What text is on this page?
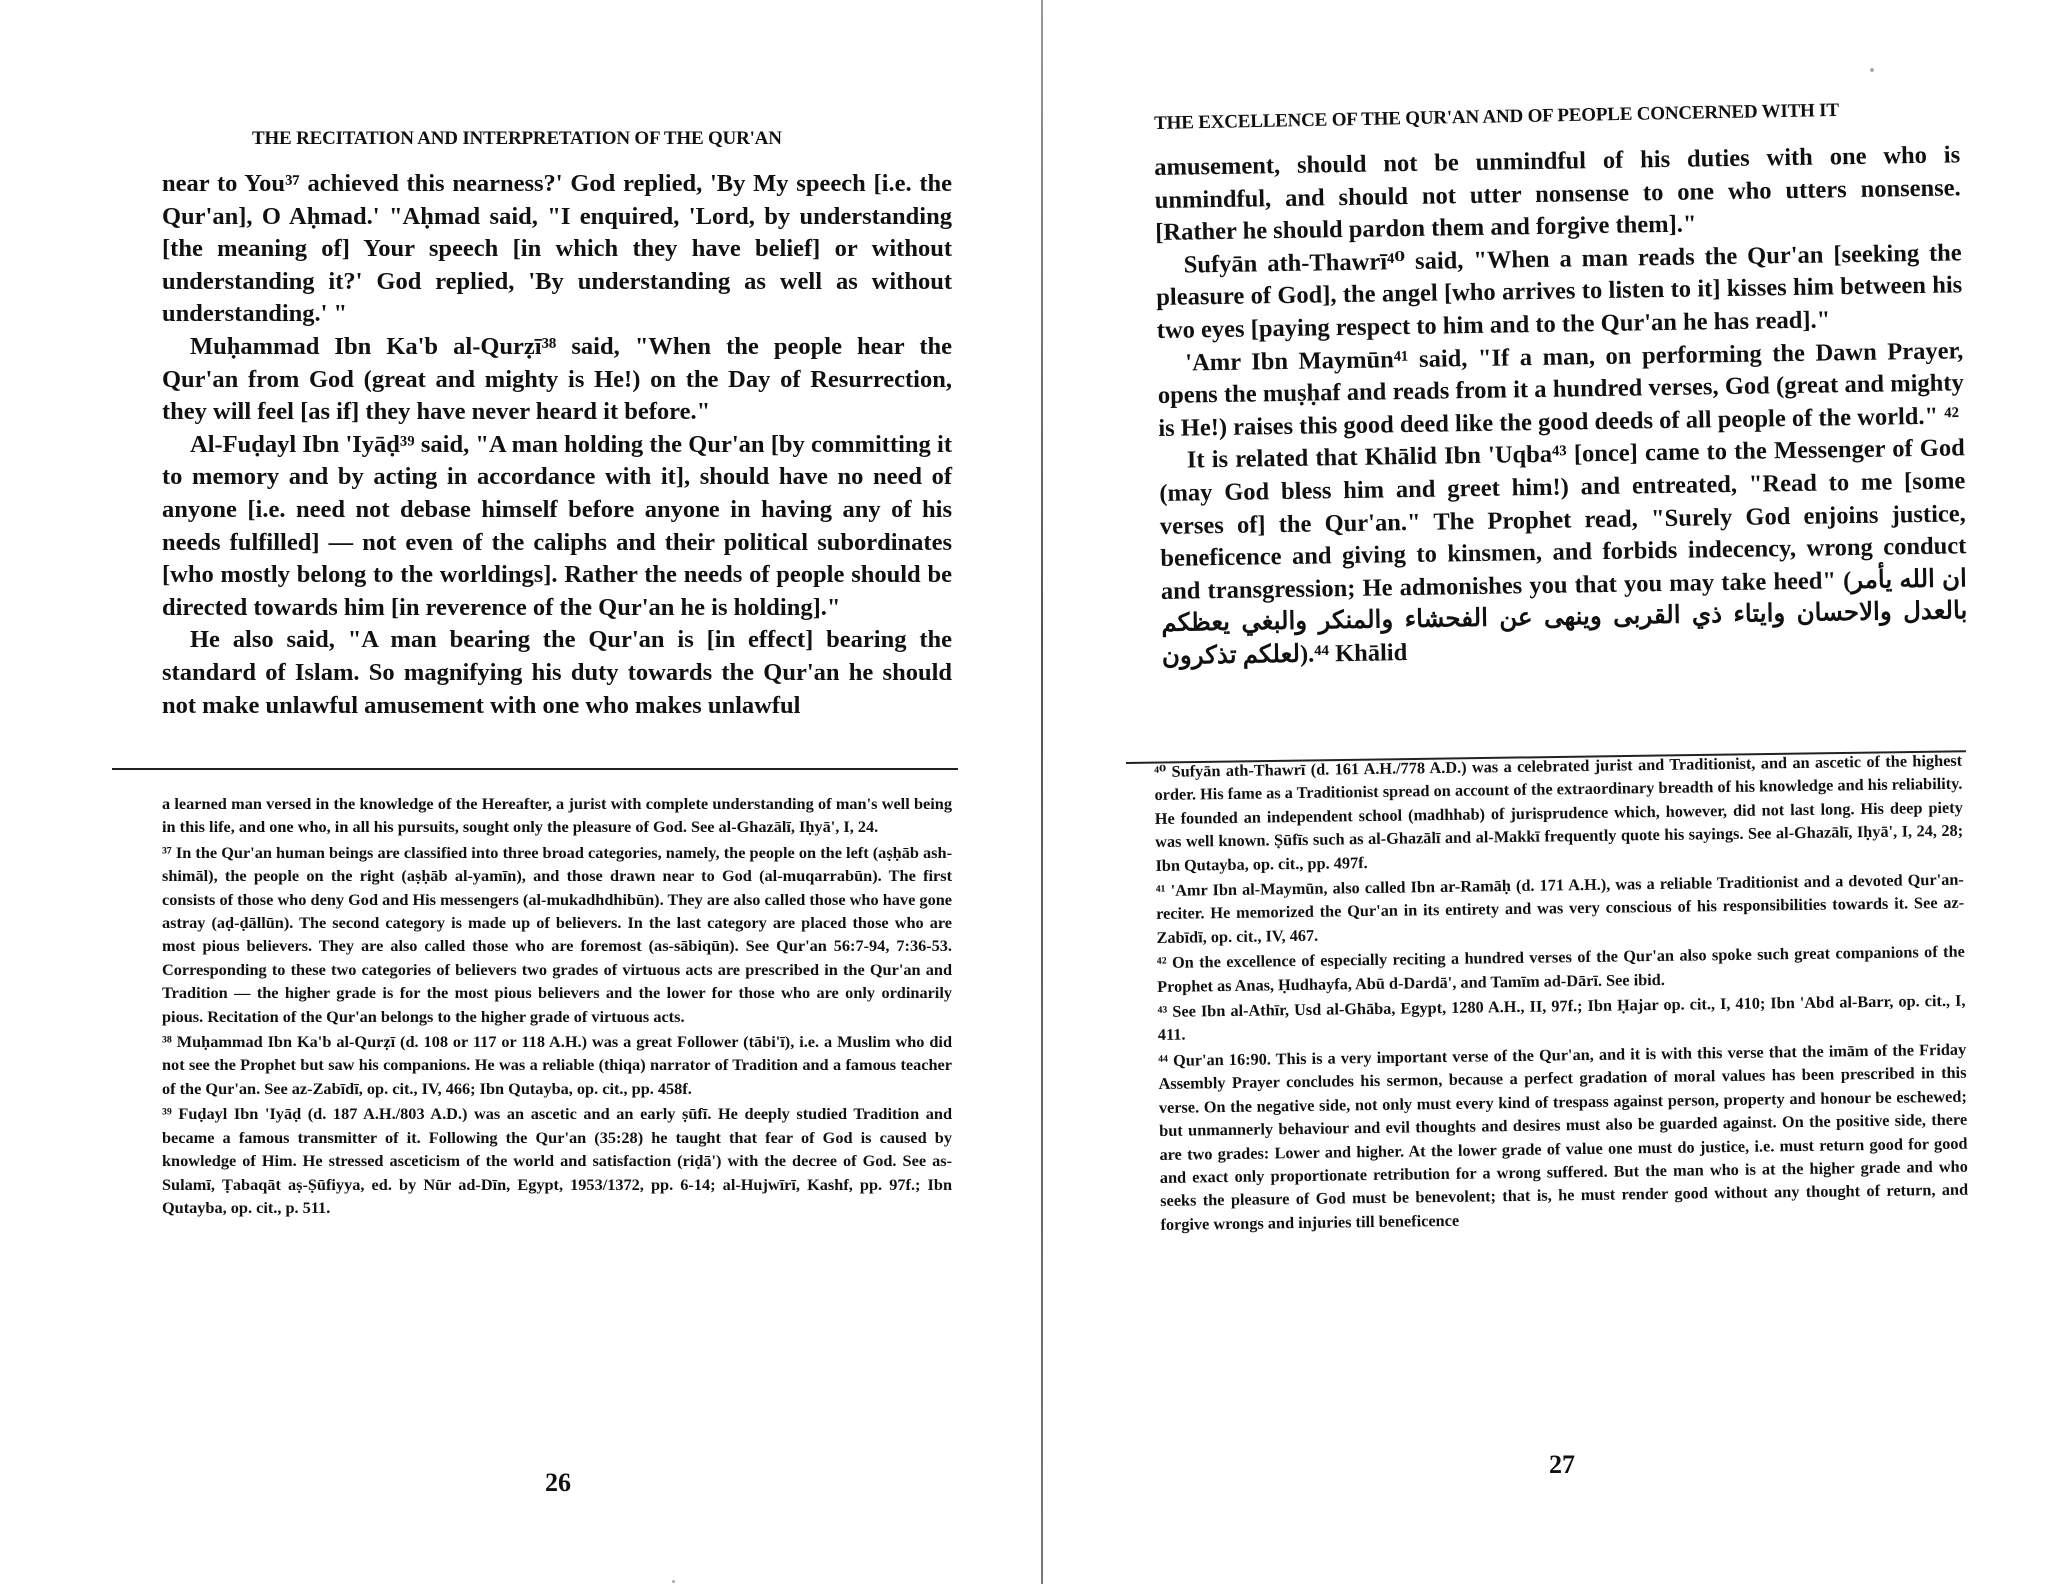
THE RECITATION AND INTERPRETATION OF THE QUR'AN

near to You³⁷ achieved this nearness?' God replied, 'By My speech [i.e. the Qur'an], O Aḥmad.' "Aḥmad said, "I enquired, 'Lord, by understanding [the meaning of] Your speech [in which they have belief] or without understanding it?' God replied, 'By understanding as well as without understanding.' "

Muḥammad Ibn Ka'b al-Qurẓī³⁸ said, "When the people hear the Qur'an from God (great and mighty is He!) on the Day of Resurrection, they will feel [as if] they have never heard it before."

Al-Fuḍayl Ibn 'Iyāḍ³⁹ said, "A man holding the Qur'an [by committing it to memory and by acting in accordance with it], should have no need of anyone [i.e. need not debase himself before anyone in having any of his needs fulfilled] — not even of the caliphs and their political subordinates [who mostly belong to the worldings]. Rather the needs of people should be directed towards him [in reverence of the Qur'an he is holding]."

He also said, "A man bearing the Qur'an is [in effect] bearing the standard of Islam. So magnifying his duty towards the Qur'an he should not make unlawful amusement with one who makes unlawful

a learned man versed in the knowledge of the Hereafter, a jurist with complete understanding of man's well being in this life, and one who, in all his pursuits, sought only the pleasure of God. See al-Ghazālī, Iḥyā', I, 24.

³⁷ In the Qur'an human beings are classified into three broad categories, namely, the people on the left (aṣḥāb ash-shimāl), the people on the right (aṣḥāb al-yamīn), and those drawn near to God (al-muqarrabūn). The first consists of those who deny God and His messengers (al-mukadhdhibūn). They are also called those who have gone astray (aḍ-ḍāllūn). The second category is made up of believers. In the last category are placed those who are most pious believers. They are also called those who are foremost (as-sābiqūn). See Qur'an 56:7-94, 7:36-53. Corresponding to these two categories of believers two grades of virtuous acts are prescribed in the Qur'an and Tradition — the higher grade is for the most pious believers and the lower for those who are only ordinarily pious. Recitation of the Qur'an belongs to the higher grade of virtuous acts.

³⁸ Muḥammad Ibn Ka'b al-Qurẓī (d. 108 or 117 or 118 A.H.) was a great Follower (tābi'ī), i.e. a Muslim who did not see the Prophet but saw his companions. He was a reliable (thiqa) narrator of Tradition and a famous teacher of the Qur'an. See az-Zabīdī, op. cit., IV, 466; Ibn Qutayba, op. cit., pp. 458f.

³⁹ Fuḍayl Ibn 'Iyāḍ (d. 187 A.H./803 A.D.) was an ascetic and an early ṣūfī. He deeply studied Tradition and became a famous transmitter of it. Following the Qur'an (35:28) he taught that fear of God is caused by knowledge of Him. He stressed asceticism of the world and satisfaction (riḍā') with the decree of God. See as-Sulamī, Ṭabaqāt aṣ-Ṣūfiyya, ed. by Nūr ad-Dīn, Egypt, 1953/1372, pp. 6-14; al-Hujwīrī, Kashf, pp. 97f.; Ibn Qutayba, op. cit., p. 511.

26
THE EXCELLENCE OF THE QUR'AN AND OF PEOPLE CONCERNED WITH IT

amusement, should not be unmindful of his duties with one who is unmindful, and should not utter nonsense to one who utters nonsense. [Rather he should pardon them and forgive them]."

Sufyān ath-Thawrī⁴⁰ said, "When a man reads the Qur'an [seeking the pleasure of God], the angel [who arrives to listen to it] kisses him between his two eyes [paying respect to him and to the Qur'an he has read]."

'Amr Ibn Maymūn⁴¹ said, "If a man, on performing the Dawn Prayer, opens the muṣḥaf and reads from it a hundred verses, God (great and mighty is He!) raises this good deed like the good deeds of all people of the world." ⁴²

It is related that Khālid Ibn 'Uqba⁴³ [once] came to the Messenger of God (may God bless him and greet him!) and entreated, "Read to me [some verses of] the Qur'an." The Prophet read, "Surely God enjoins justice, beneficence and giving to kinsmen, and forbids indecency, wrong conduct and transgression; He admonishes you that you may take heed" (ان الله يأمر بالعدل والاحسان وايتاء ذي القربى وينهى عن الفحشاء والمنكر والبغي يعظكم لعلكم تذكرون).⁴⁴ Khālid

⁴⁰ Sufyān ath-Thawrī (d. 161 A.H./778 A.D.) was a celebrated jurist and Traditionist, and an ascetic of the highest order. His fame as a Traditionist spread on account of the extraordinary breadth of his knowledge and his reliability. He founded an independent school (madhhab) of jurisprudence which, however, did not last long. His deep piety was well known. Ṣūfīs such as al-Ghazālī and al-Makkī frequently quote his sayings. See al-Ghazālī, Iḥyā', I, 24, 28; Ibn Qutayba, op. cit., pp. 497f.

⁴¹ 'Amr Ibn al-Maymūn, also called Ibn ar-Ramāḥ (d. 171 A.H.), was a reliable Traditionist and a devoted Qur'an-reciter. He memorized the Qur'an in its entirety and was very conscious of his responsibilities towards it. See az-Zabīdī, op. cit., IV, 467.

⁴² On the excellence of especially reciting a hundred verses of the Qur'an also spoke such great companions of the Prophet as Anas, Ḥudhayfa, Abū d-Dardā', and Tamīm ad-Dārī. See ibid.

⁴³ See Ibn al-Athīr, Usd al-Ghāba, Egypt, 1280 A.H., II, 97f.; Ibn Ḥajar op. cit., I, 410; Ibn 'Abd al-Barr, op. cit., I, 411.

⁴⁴ Qur'an 16:90. This is a very important verse of the Qur'an, and it is with this verse that the imām of the Friday Assembly Prayer concludes his sermon, because a perfect gradation of moral values has been prescribed in this verse. On the negative side, not only must every kind of trespass against person, property and honour be eschewed; but unmannerly behaviour and evil thoughts and desires must also be guarded against. On the positive side, there are two grades: Lower and higher. At the lower grade of value one must do justice, i.e. must return good for good and exact only proportionate retribution for a wrong suffered. But the man who is at the higher grade and who seeks the pleasure of God must be benevolent; that is, he must render good without any thought of return, and forgive wrongs and injuries till beneficence

27
